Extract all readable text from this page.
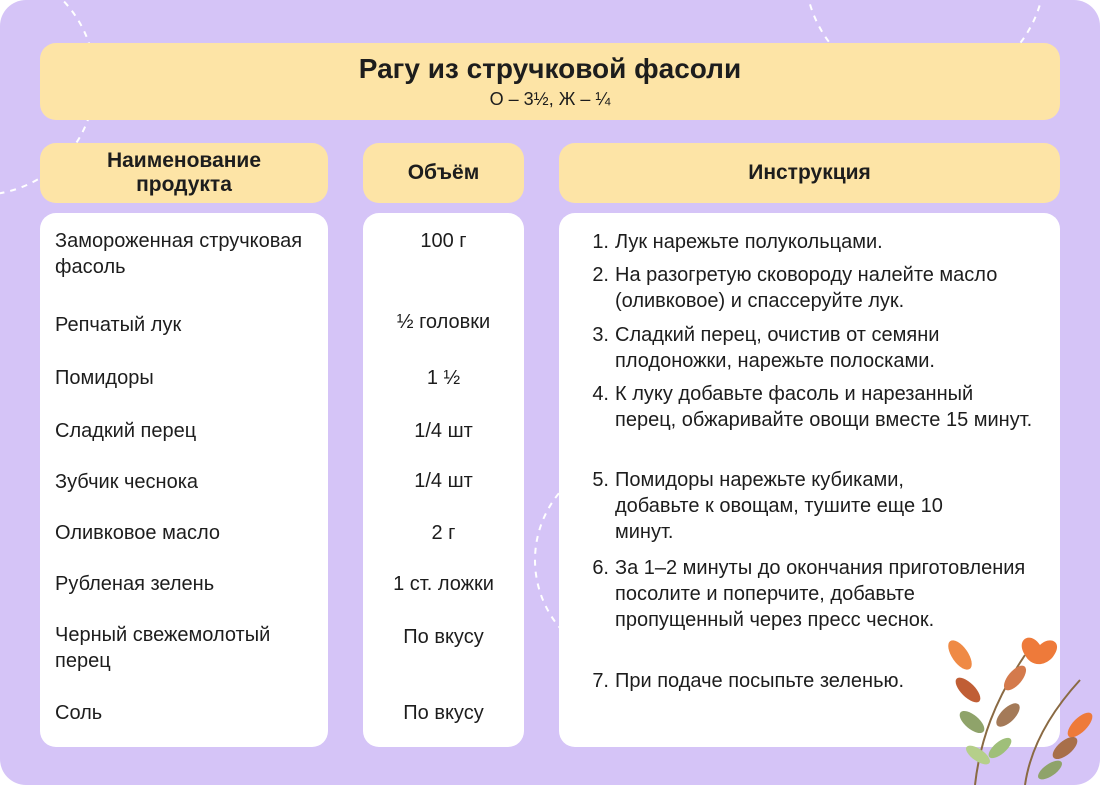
Рагу из стручковой фасоли
О – 3½, Ж – ¼
Наименование продукта
Объём	Инструкция
Замороженная стручковая фасоль
Репчатый лук
Помидоры
Сладкий перец
Зубчик чеснока
Оливковое масло
Рубленая зелень
Черный свежемолотый перец
Соль
100 г
½ головки
1 ½
1/4 шт
1/4 шт
2 г
1 ст. ложки
По вкусу
По вкусу
1. Лук нарежьте полукольцами.
2. На разогретую сковороду налейте масло (оливковое) и спассеруйте лук.
3. Сладкий перец, очистив от семяни плодоножки, нарежьте полосками.
4. К луку добавьте фасоль и нарезанный перец, обжаривайте овощи вместе 15 минут.
5. Помидоры нарежьте кубиками, добавьте к овощам, тушите еще 10 минут.
6. За 1–2 минуты до окончания приготовления посолите и поперчите, добавьте пропущенный через пресс чеснок.
7. При подаче посыпьте зеленью.
